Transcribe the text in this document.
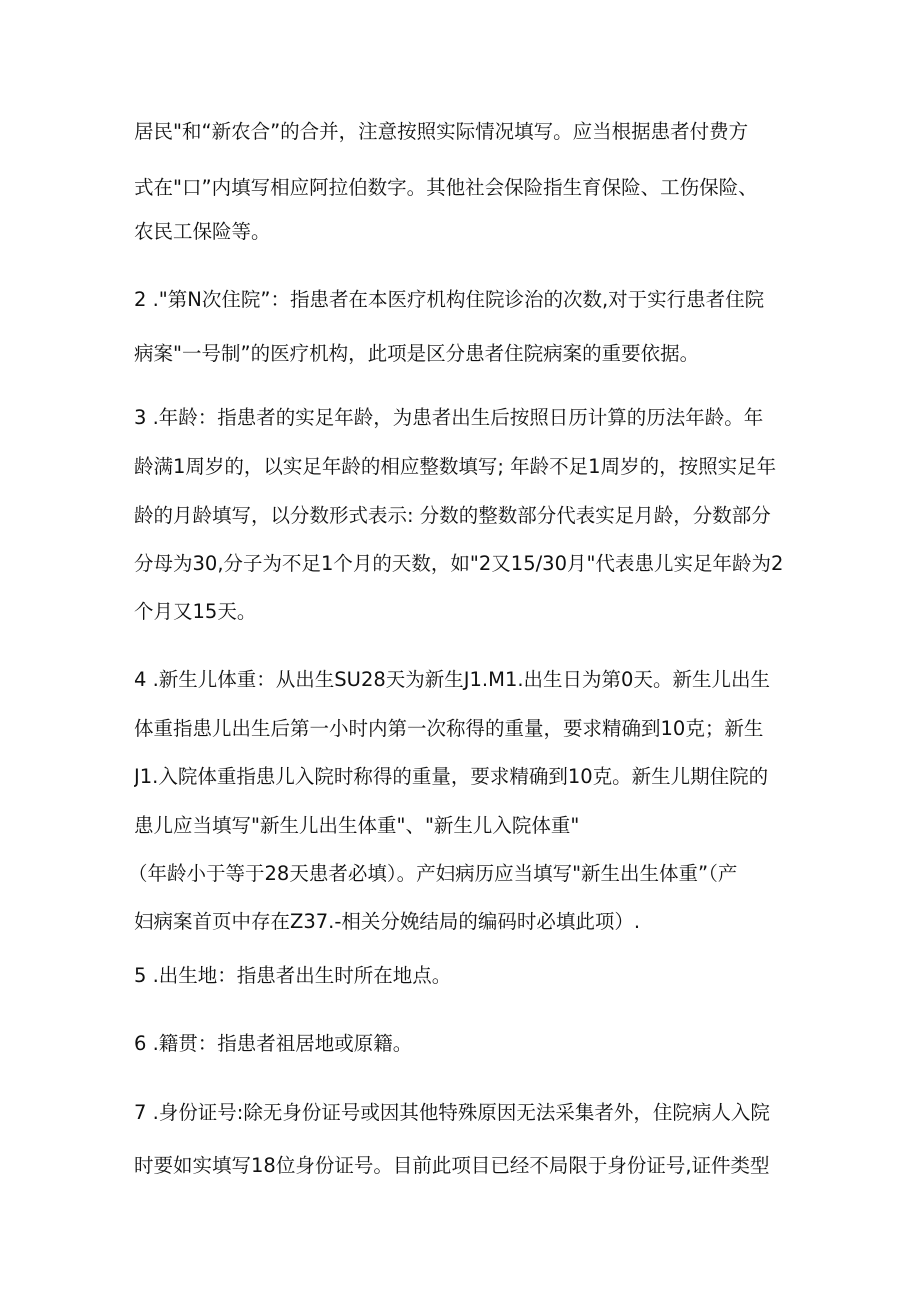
居民"和“新农合”的合并，注意按照实际情况填写。应当根据患者付费方
式在"口”内填写相应阿拉伯数字。其他社会保险指生育保险、工伤保险、
农民工保险等。
2 ."第N次住院”：指患者在本医疗机构住院诊治的次数,对于实行患者住院
病案"一号制”的医疗机构，此项是区分患者住院病案的重要依据。
3 .年龄：指患者的实足年龄，为患者出生后按照日历计算的历法年龄。年
龄满1周岁的，以实足年龄的相应整数填写; 年龄不足1周岁的，按照实足年
龄的月龄填写，以分数形式表示: 分数的整数部分代表实足月龄，分数部分
分母为30,分子为不足1个月的天数，如"2又15/30月"代表患儿实足年龄为2
个月又15天。
4 .新生儿体重：从出生SU28天为新生J1.M1.出生日为第0天。新生儿出生
体重指患儿出生后第一小时内第一次称得的重量，要求精确到10克；新生
J1.入院体重指患儿入院时称得的重量，要求精确到10克。新生儿期住院的
患儿应当填写"新生儿出生体重"、"新生儿入院体重"
（年龄小于等于28天患者必填）。产妇病历应当填写"新生出生体重”（产
妇病案首页中存在Z37.-相关分娩结局的编码时必填此项）.
5 .出生地：指患者出生时所在地点。
6 .籍贯：指患者祖居地或原籍。
7 .身份证号:除无身份证号或因其他特殊原因无法采集者外，住院病人入院
时要如实填写18位身份证号。目前此项目已经不局限于身份证号,证件类型
